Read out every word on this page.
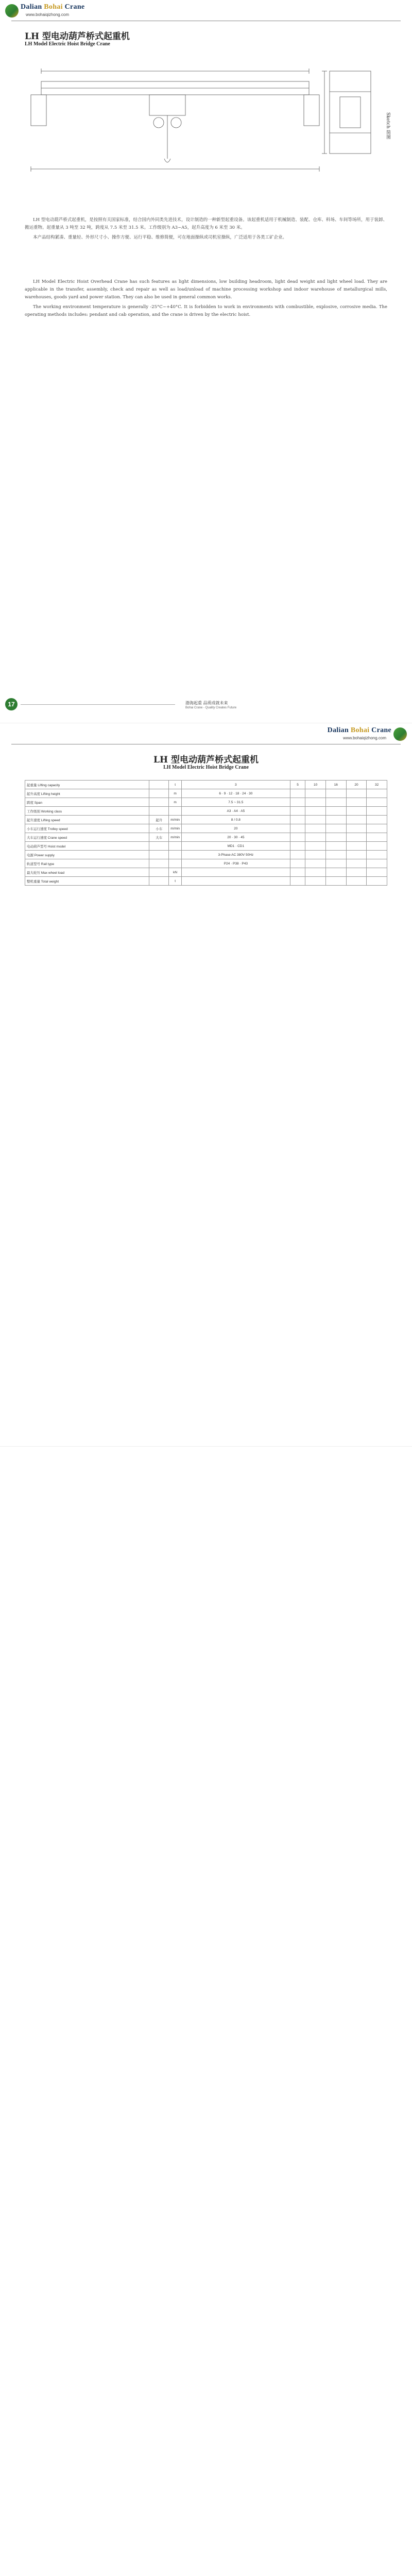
Dalian Bohai Crane
www.bohaiqizhong.com
LH 型电动葫芦桥式起重机
LH Model Electric Hoist Bridge Crane
Sketch 简图

LH 型电动葫芦桥式起重机，是按照有关国家标准，结合国内外同类先进技术，设计制造的一种新型起重设备。该起重机适用于机械制造、装配、仓库、料场、车间等场所，用于装卸、搬运重物。起重量从 3 吨至 32 吨，跨度从 7.5 米至 31.5 米。工作级别为 A3~A5，起升高度为 6 米至 30 米。

本产品结构紧凑、重量轻、外形尺寸小、操作方便、运行平稳、维修简便，可在地面操纵或司机室操纵，广泛适用于各类工矿企业。

LH Model Electric Hoist Overhead Crane has such features as light dimensions, low building headroom, light dead weight and light wheel load. They are applicable in the transfer, assembly, check and repair as well as load/unload of machine processing workshop and indoor warehouse of metallurgical mills, warehouses, goods yard and power station. They can also be used in general common works.

The working environment temperature is generally -25°C~+40°C. It is forbidden to work in environments with combustible, explosive, corrosive media. The operating methods includes: pendant and cab operation, and the crane is driven by the electric hoist.

17	渤海起重 品质成就未来
Bohai Crane - Quality Creates Future
Dalian Bohai Crane
www.bohaiqizhong.com
LH 型电动葫芦桥式起重机
LH Model Electric Hoist Bridge Crane
起重量 Lifting capacity		t	3	5	10	16	20	32
起升高度 Lifting height		m	6 · 9 · 12 · 18 · 24 · 30					
跨度 Span		m	7.5 ~ 31.5					
工作级别 Working class			A3 · A4 · A5					
起升速度 Lifting speed	起升	m/min	8 / 0.8					
小车运行速度 Trolley speed	小车	m/min	20					
大车运行速度 Crane speed	大车	m/min	20 · 30 · 45					
电动葫芦型号 Hoist model			MD1 · CD1					
电源 Power supply			3-Phase AC 380V 50Hz					
轨道型号 Rail type			P24 · P38 · P43					
最大轮压 Max wheel load		kN						
整机重量 Total weight		t						
